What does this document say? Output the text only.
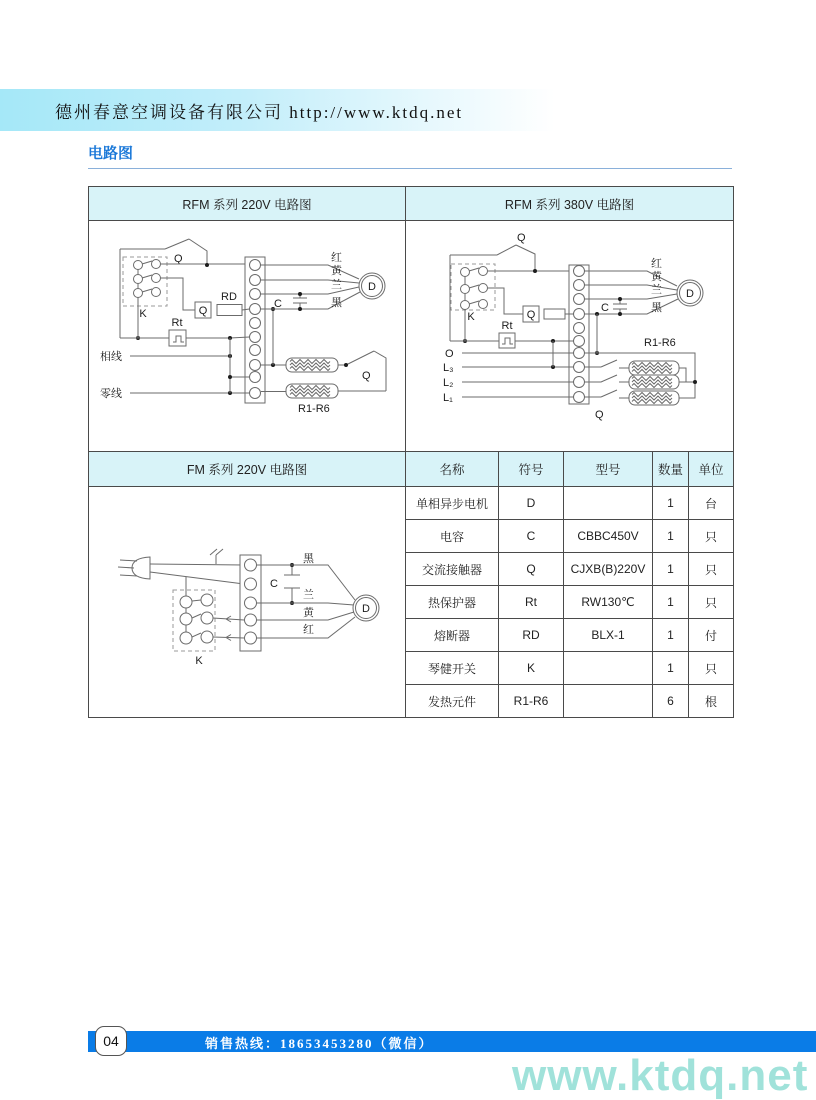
德州春意空调设备有限公司 http://www.ktdq.net
电路图
RFM 系列 220V 电路图	RFM 系列 380V 电路图				

K
Q
Q
RD
Rt
相线
零线
Q
R1-R6
红
黄
兰
黑
D
C

K
Q
Q
Rt
O
L₃
L₂
L₁
R1-R6
Q
红
黄
兰
黑
D
C

FM 系列 220V 电路图	名称	符号	型号	数量	单位

K
C
黑
兰
黄
红
D
	单相异步电机	D		1	台
	电容	C	CBBC450V	1	只
	交流接触器	Q	CJXB(B)220V	1	只
	热保护器	Rt	RW130℃	1	只
	熔断器	RD	BLX-1	1	付
	琴健开关	K		1	只
	发热元件	R1-R6		6	根
04	销售热线：18653453280（微信）
www.ktdq.net
